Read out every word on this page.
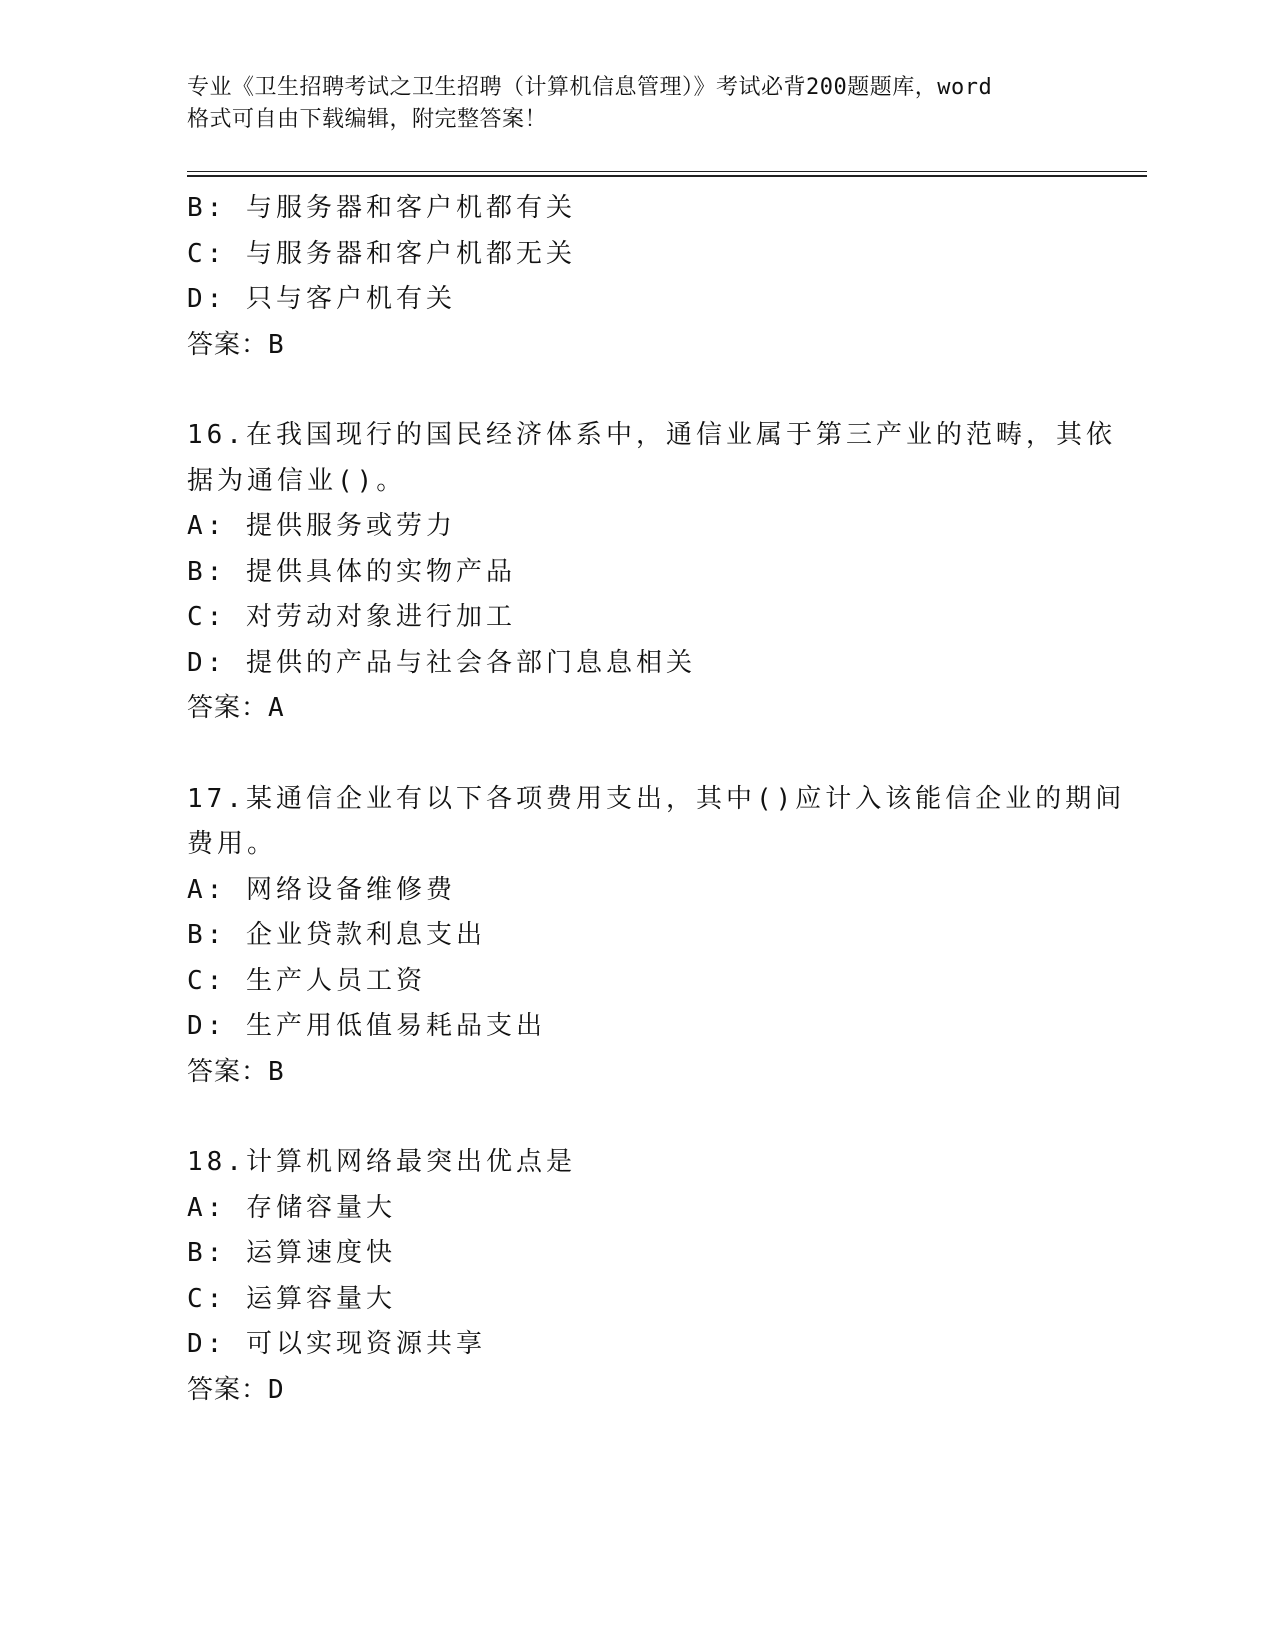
专业《卫生招聘考试之卫生招聘（计算机信息管理）》考试必背200题题库，word
格式可自由下载编辑，附完整答案！
B: 与服务器和客户机都有关
C: 与服务器和客户机都无关
D: 只与客户机有关
答案：B
16.在我国现行的国民经济体系中，通信业属于第三产业的范畴，其依
据为通信业()。
A: 提供服务或劳力
B: 提供具体的实物产品
C: 对劳动对象进行加工
D: 提供的产品与社会各部门息息相关
答案：A
17.某通信企业有以下各项费用支出，其中()应计入该能信企业的期间
费用。
A: 网络设备维修费
B: 企业贷款利息支出
C: 生产人员工资
D: 生产用低值易耗品支出
答案：B
18.计算机网络最突出优点是
A: 存储容量大
B: 运算速度快
C: 运算容量大
D: 可以实现资源共享
答案：D
